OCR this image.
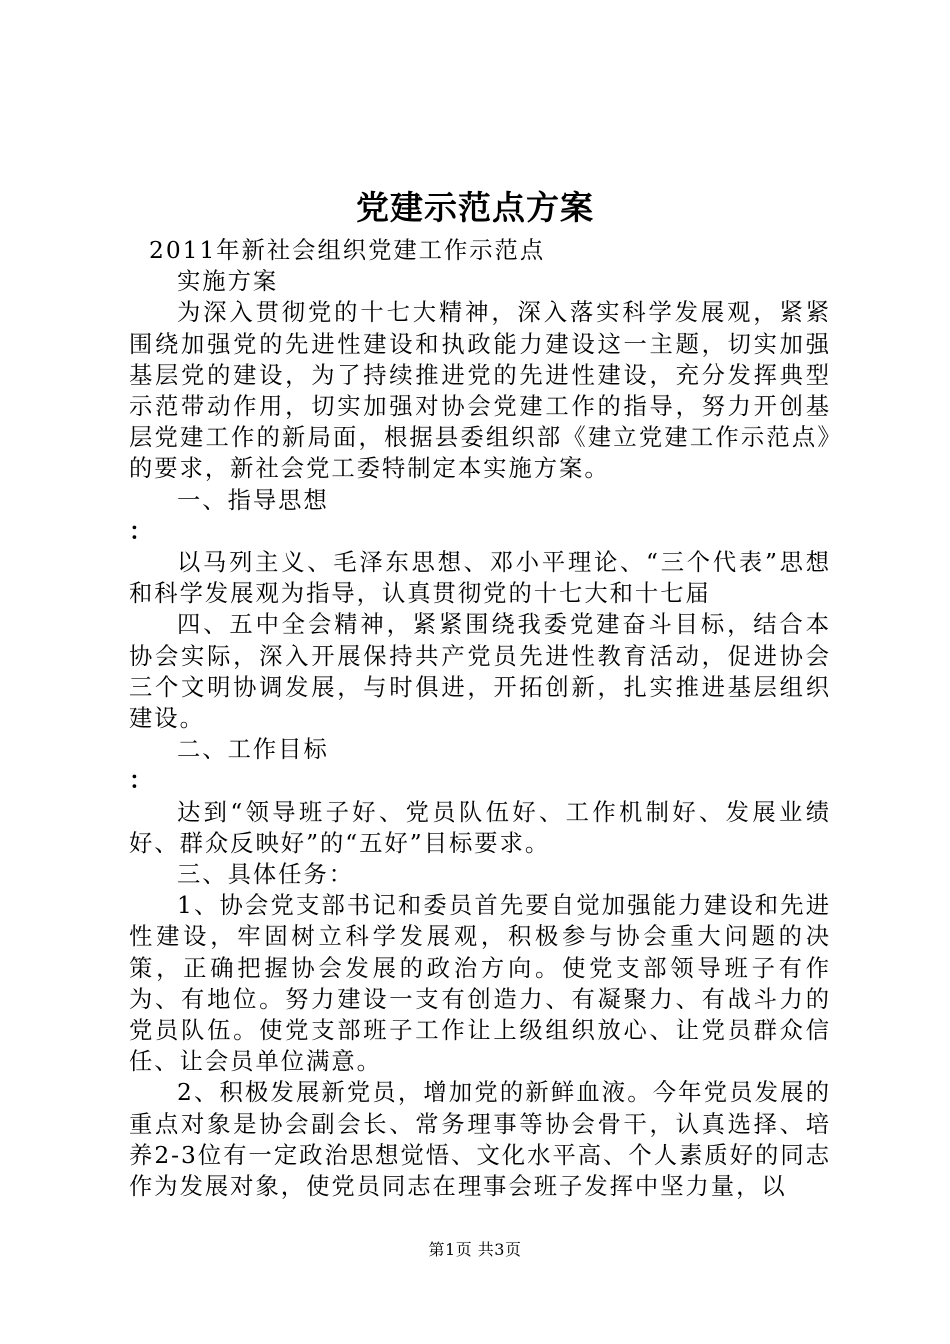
党建示范点方案

2011年新社会组织党建工作示范点

实施方案

为深入贯彻党的十七大精神，深入落实科学发展观，紧紧围绕加强党的先进性建设和执政能力建设这一主题，切实加强基层党的建设，为了持续推进党的先进性建设，充分发挥典型示范带动作用，切实加强对协会党建工作的指导，努力开创基层党建工作的新局面，根据县委组织部《建立党建工作示范点》的要求，新社会党工委特制定本实施方案。

一、指导思想

：

以马列主义、毛泽东思想、邓小平理论、“三个代表”思想和科学发展观为指导，认真贯彻党的十七大和十七届

四、五中全会精神，紧紧围绕我委党建奋斗目标，结合本协会实际，深入开展保持共产党员先进性教育活动，促进协会三个文明协调发展，与时俱进，开拓创新，扎实推进基层组织建设。

二、工作目标

：

达到“领导班子好、党员队伍好、工作机制好、发展业绩好、群众反映好”的“五好”目标要求。

三、具体任务：

1、协会党支部书记和委员首先要自觉加强能力建设和先进性建设，牢固树立科学发展观，积极参与协会重大问题的决策，正确把握协会发展的政治方向。使党支部领导班子有作为、有地位。努力建设一支有创造力、有凝聚力、有战斗力的党员队伍。使党支部班子工作让上级组织放心、让党员群众信任、让会员单位满意。

2、积极发展新党员，增加党的新鲜血液。今年党员发展的重点对象是协会副会长、常务理事等协会骨干，认真选择、培养2-3位有一定政治思想觉悟、文化水平高、个人素质好的同志作为发展对象，使党员同志在理事会班子发挥中坚力量，以

第1页 共3页
